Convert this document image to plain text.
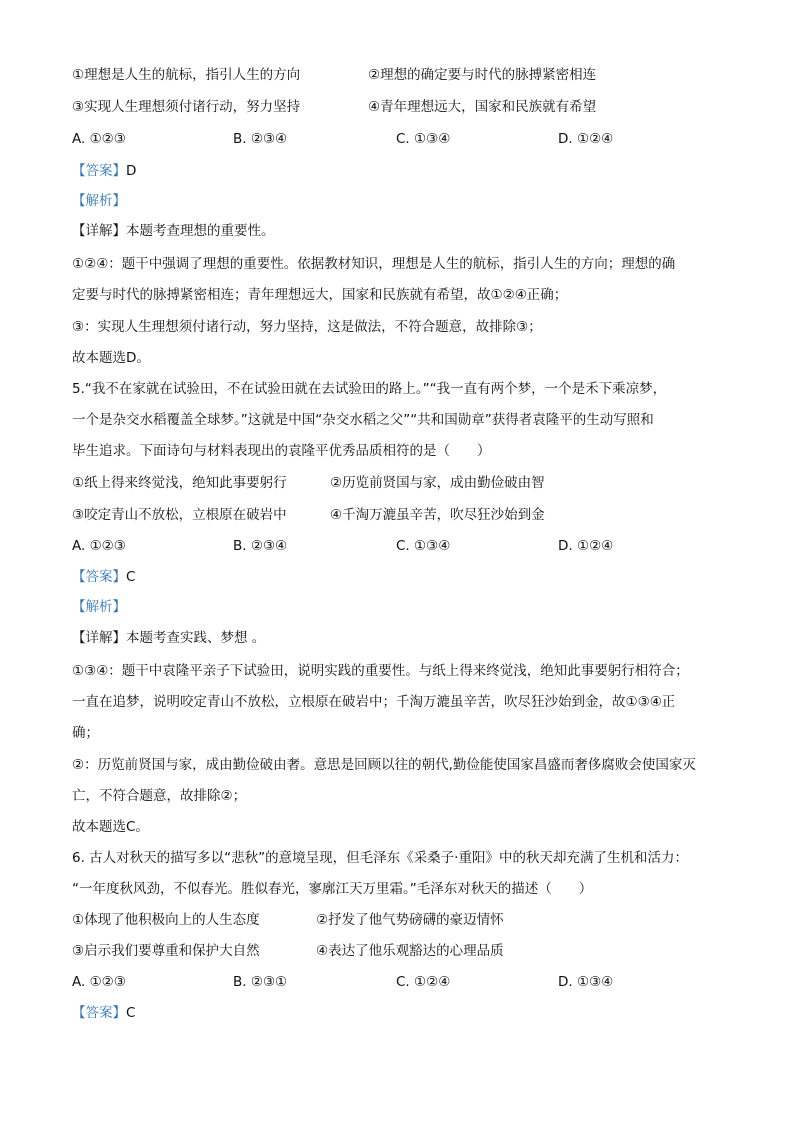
①理想是人生的航标，指引人生的方向	②理想的确定要与时代的脉搏紧密相连
③实现人生理想须付诸行动，努力坚持	④青年理想远大，国家和民族就有希望
A. ①②③	B. ②③④	C. ①③④	D. ①②④
【答案】D
【解析】
【详解】本题考查理想的重要性。
①②④：题干中强调了理想的重要性。依据教材知识，理想是人生的航标，指引人生的方向；理想的确
定要与时代的脉搏紧密相连；青年理想远大，国家和民族就有希望，故①②④正确；
③：实现人生理想须付诸行动，努力坚持，这是做法，不符合题意，故排除③；
故本题选D。
5.“我不在家就在试验田，不在试验田就在去试验田的路上。”“我一直有两个梦，一个是禾下乘凉梦，
一个是杂交水稻覆盖全球梦。”这就是中国“杂交水稻之父”“共和国勋章”获得者袁隆平的生动写照和
毕生追求。下面诗句与材料表现出的袁隆平优秀品质相符的是（　　）
①纸上得来终觉浅，绝知此事要躬行	②历览前贤国与家，成由勤俭破由智
③咬定青山不放松，立根原在破岩中	④千淘万漉虽辛苦，吹尽狂沙始到金
A. ①②③	B. ②③④	C. ①③④	D. ①②④
【答案】C
【解析】
【详解】本题考查实践、梦想 。
①③④：题干中袁隆平亲子下试验田，说明实践的重要性。与纸上得来终觉浅，绝知此事要躬行相符合；
一直在追梦，说明咬定青山不放松，立根原在破岩中；千淘万漉虽辛苦，吹尽狂沙始到金，故①③④正
确；
②：历览前贤国与家，成由勤俭破由奢。意思是回顾以往的朝代,勤俭能使国家昌盛而奢侈腐败会使国家灭
亡，不符合题意，故排除②；
故本题选C。
6. 古人对秋天的描写多以“悲秋”的意境呈现，但毛泽东《采桑子·重阳》中的秋天却充满了生机和活力：
“一年度秋风劲，不似春光。胜似春光，寥廓江天万里霜。”毛泽东对秋天的描述（　　）
①体现了他积极向上的人生态度	②抒发了他气势磅礴的豪迈情怀
③启示我们要尊重和保护大自然	④表达了他乐观豁达的心理品质
A. ①②③	B. ②③①	C. ①②④	D. ①③④
【答案】C
